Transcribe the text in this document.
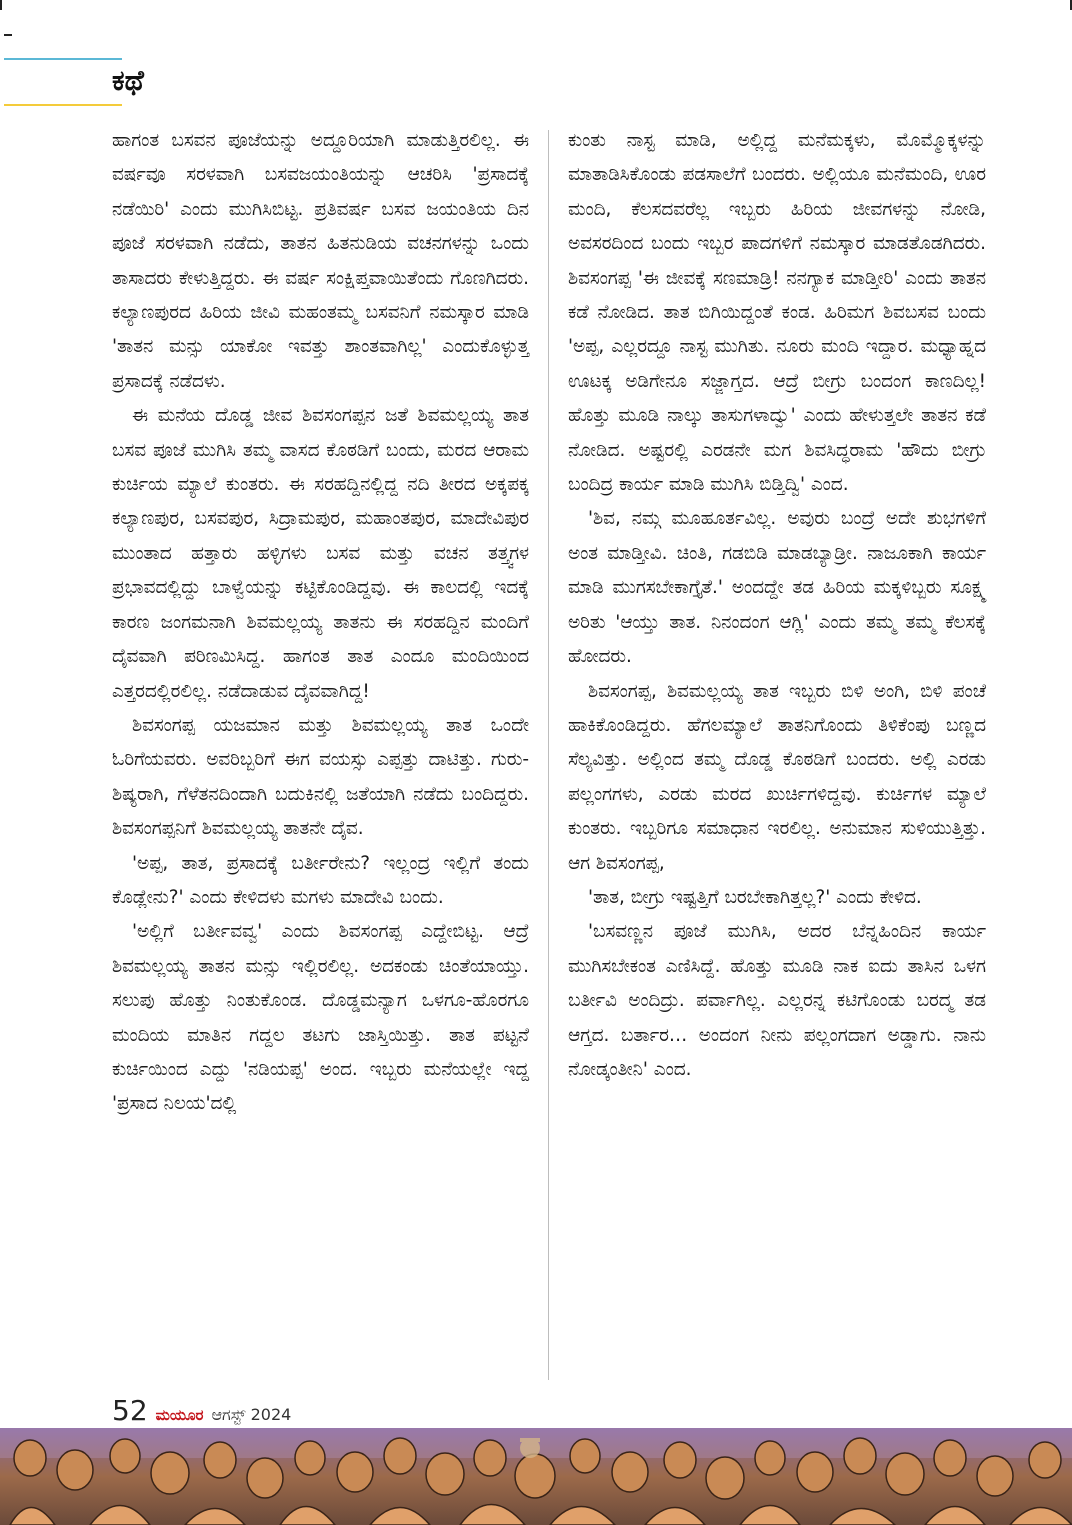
ಕಥೆ

ಹಾಗಂತ ಬಸವನ ಪೂಜೆಯನ್ನು ಅದ್ದೂರಿಯಾಗಿ ಮಾಡುತ್ತಿರಲಿಲ್ಲ. ಈ ವರ್ಷವೂ ಸರಳವಾಗಿ ಬಸವಜಯಂತಿಯನ್ನು ಆಚರಿಸಿ 'ಪ್ರಸಾದಕ್ಕೆ ನಡೆಯಿರಿ' ಎಂದು ಮುಗಿಸಿಬಿಟ್ಟ. ಪ್ರತಿವರ್ಷ ಬಸವ ಜಯಂತಿಯ ದಿನ ಪೂಜೆ ಸರಳವಾಗಿ ನಡೆದು, ತಾತನ ಹಿತನುಡಿಯ ವಚನಗಳನ್ನು ಒಂದು ತಾಸಾದರು ಕೇಳುತ್ತಿದ್ದರು. ಈ ವರ್ಷ ಸಂಕ್ಷಿಪ್ತವಾಯಿತೆಂದು ಗೊಣಗಿದರು. ಕಲ್ಯಾಣಪುರದ ಹಿರಿಯ ಜೀವಿ ಮಹಂತಮ್ಮ ಬಸವನಿಗೆ ನಮಸ್ಕಾರ ಮಾಡಿ 'ತಾತನ ಮನ್ಸು ಯಾಕೋ ಇವತ್ತು ಶಾಂತವಾಗಿಲ್ಲ' ಎಂದುಕೊಳ್ಳುತ್ತ ಪ್ರಸಾದಕ್ಕೆ ನಡೆದಳು.

ಈ ಮನೆಯ ದೊಡ್ಡ ಜೀವ ಶಿವಸಂಗಪ್ಪನ ಜತೆ ಶಿವಮಲ್ಲಯ್ಯ ತಾತ ಬಸವ ಪೂಜೆ ಮುಗಿಸಿ ತಮ್ಮ ವಾಸದ ಕೊಠಡಿಗೆ ಬಂದು, ಮರದ ಆರಾಮ ಕುರ್ಚಿಯ ಮ್ಯಾಲೆ ಕುಂತರು. ಈ ಸರಹದ್ದಿನಲ್ಲಿದ್ದ ನದಿ ತೀರದ ಅಕ್ಕಪಕ್ಕ ಕಲ್ಯಾಣಪುರ, ಬಸವಪುರ, ಸಿದ್ರಾಮಪುರ, ಮಹಾಂತಪುರ, ಮಾದೇವಿಪುರ ಮುಂತಾದ ಹತ್ತಾರು ಹಳ್ಳಿಗಳು ಬಸವ ಮತ್ತು ವಚನ ತತ್ತ್ವಗಳ ಪ್ರಭಾವದಲ್ಲಿದ್ದು ಬಾಳ್ವೆಯನ್ನು ಕಟ್ಟಿಕೊಂಡಿದ್ದವು. ಈ ಕಾಲದಲ್ಲಿ ಇದಕ್ಕೆ ಕಾರಣ ಜಂಗಮನಾಗಿ ಶಿವಮಲ್ಲಯ್ಯ ತಾತನು ಈ ಸರಹದ್ದಿನ ಮಂದಿಗೆ ದೈವವಾಗಿ ಪರಿಣಮಿಸಿದ್ದ. ಹಾಗಂತ ತಾತ ಎಂದೂ ಮಂದಿಯಿಂದ ಎತ್ತರದಲ್ಲಿರಲಿಲ್ಲ. ನಡೆದಾಡುವ ದೈವವಾಗಿದ್ದ!

ಶಿವಸಂಗಪ್ಪ ಯಜಮಾನ ಮತ್ತು ಶಿವಮಲ್ಲಯ್ಯ ತಾತ ಒಂದೇ ಓರಿಗೆಯವರು. ಅವರಿಬ್ಬರಿಗೆ ಈಗ ವಯಸ್ಸು ಎಪ್ಪತ್ತು ದಾಟಿತ್ತು. ಗುರು-ಶಿಷ್ಯರಾಗಿ, ಗೆಳೆತನದಿಂದಾಗಿ ಬದುಕಿನಲ್ಲಿ ಜತೆಯಾಗಿ ನಡೆದು ಬಂದಿದ್ದರು. ಶಿವಸಂಗಪ್ಪನಿಗೆ ಶಿವಮಲ್ಲಯ್ಯ ತಾತನೇ ದೈವ.

'ಅಪ್ಪ, ತಾತ, ಪ್ರಸಾದಕ್ಕೆ ಬರ್ತೀರೇನು? ಇಲ್ಲಂದ್ರ ಇಲ್ಲಿಗೆ ತಂದು ಕೊಡ್ಲೇನು?' ಎಂದು ಕೇಳಿದಳು ಮಗಳು ಮಾದೇವಿ ಬಂದು.

'ಅಲ್ಲಿಗೆ ಬರ್ತೀವವ್ವ' ಎಂದು ಶಿವಸಂಗಪ್ಪ ಎದ್ದೇಬಿಟ್ಟ. ಆದ್ರೆ ಶಿವಮಲ್ಲಯ್ಯ ತಾತನ ಮನ್ಸು ಇಲ್ಲಿರಲಿಲ್ಲ. ಅದಕಂಡು ಚಿಂತೆಯಾಯ್ತು. ಸಲುಪು ಹೊತ್ತು ನಿಂತುಕೊಂಡ. ದೊಡ್ಡಮನ್ಯಾಗ ಒಳಗೂ-ಹೊರಗೂ ಮಂದಿಯ ಮಾತಿನ ಗದ್ದಲ ತಟಗು ಜಾಸ್ತಿಯಿತ್ತು. ತಾತ ಪಟ್ಟನೆ ಕುರ್ಚಿಯಿಂದ ಎದ್ದು 'ನಡಿಯಪ್ಪ' ಅಂದ. ಇಬ್ಬರು ಮನೆಯಲ್ಲೇ ಇದ್ದ 'ಪ್ರಸಾದ ನಿಲಯ'ದಲ್ಲಿ

ಕುಂತು ನಾಸ್ಟ ಮಾಡಿ, ಅಲ್ಲಿದ್ದ ಮನೆಮಕ್ಕಳು, ಮೊಮ್ಮೊಕ್ಕಳನ್ನು ಮಾತಾಡಿಸಿಕೊಂಡು ಪಡಸಾಲೆಗೆ ಬಂದರು. ಅಲ್ಲಿಯೂ ಮನೆಮಂದಿ, ಊರ ಮಂದಿ, ಕೆಲಸದವರೆಲ್ಲ ಇಬ್ಬರು ಹಿರಿಯ ಜೀವಗಳನ್ನು ನೋಡಿ, ಅವಸರದಿಂದ ಬಂದು ಇಬ್ಬರ ಪಾದಗಳಿಗೆ ನಮಸ್ಕಾರ ಮಾಡತೊಡಗಿದರು. ಶಿವಸಂಗಪ್ಪ 'ಈ ಜೀವಕ್ಕೆ ಸಣಮಾಡ್ರಿ! ನನಗ್ಯಾಕ ಮಾಡ್ತೀರಿ' ಎಂದು ತಾತನ ಕಡೆ ನೋಡಿದ. ತಾತ ಬಿಗಿಯಿದ್ದಂತೆ ಕಂಡ. ಹಿರಿಮಗ ಶಿವಬಸವ ಬಂದು 'ಅಪ್ಪ, ಎಲ್ಲರದ್ದೂ ನಾಸ್ಟ ಮುಗಿತು. ನೂರು ಮಂದಿ ಇದ್ದಾರ. ಮಧ್ಯಾಹ್ನದ ಊಟಕ್ಕ ಅಡಿಗೇನೂ ಸಜ್ಜಾಗ್ತದ. ಆದ್ರೆ ಬೀಗ್ರು ಬಂದಂಗ ಕಾಣದಿಲ್ಲ! ಹೊತ್ತು ಮೂಡಿ ನಾಲ್ಕು ತಾಸುಗಳಾದ್ವು' ಎಂದು ಹೇಳುತ್ತಲೇ ತಾತನ ಕಡೆ ನೋಡಿದ. ಅಷ್ಟರಲ್ಲಿ ಎರಡನೇ ಮಗ ಶಿವಸಿದ್ಧರಾಮ 'ಹೌದು ಬೀಗ್ರು ಬಂದಿದ್ರ ಕಾರ್ಯ ಮಾಡಿ ಮುಗಿಸಿ ಬಿಡ್ತಿದ್ವಿ' ಎಂದ.

'ಶಿವ, ನಮ್ಗ ಮೂಹೂರ್ತವಿಲ್ಲ. ಅವುರು ಬಂದ್ರೆ ಅದೇ ಶುಭಗಳಿಗೆ ಅಂತ ಮಾಡ್ತೀವಿ. ಚಿಂತಿ, ಗಡಬಿಡಿ ಮಾಡಬ್ಯಾಡ್ರೀ. ನಾಜೂಕಾಗಿ ಕಾರ್ಯ ಮಾಡಿ ಮುಗಸಬೇಕಾಗ್ತೈತೆ.' ಅಂದದ್ದೇ ತಡ ಹಿರಿಯ ಮಕ್ಕಳಿಬ್ಬರು ಸೂಕ್ಷ್ಮ ಅರಿತು 'ಆಯ್ತು ತಾತ. ನಿನಂದಂಗ ಆಗ್ಲಿ' ಎಂದು ತಮ್ಮ ತಮ್ಮ ಕೆಲಸಕ್ಕೆ ಹೋದರು.

ಶಿವಸಂಗಪ್ಪ, ಶಿವಮಲ್ಲಯ್ಯ ತಾತ ಇಬ್ಬರು ಬಿಳಿ ಅಂಗಿ, ಬಿಳಿ ಪಂಚೆ ಹಾಕಿಕೊಂಡಿದ್ದರು. ಹೆಗಲಮ್ಯಾಲೆ ತಾತನಿಗೊಂದು ತಿಳಿಕೆಂಪು ಬಣ್ಣದ ಸೆಲ್ಯವಿತ್ತು. ಅಲ್ಲಿಂದ ತಮ್ಮ ದೊಡ್ಡ ಕೊಠಡಿಗೆ ಬಂದರು. ಅಲ್ಲಿ ಎರಡು ಪಲ್ಲಂಗಗಳು, ಎರಡು ಮರದ ಖುರ್ಚಿಗಳಿದ್ದವು. ಕುರ್ಚಿಗಳ ಮ್ಯಾಲೆ ಕುಂತರು. ಇಬ್ಬರಿಗೂ ಸಮಾಧಾನ ಇರಲಿಲ್ಲ. ಅನುಮಾನ ಸುಳಿಯುತ್ತಿತ್ತು. ಆಗ ಶಿವಸಂಗಪ್ಪ,

'ತಾತ, ಬೀಗ್ರು ಇಷ್ಟತ್ತಿಗೆ ಬರಬೇಕಾಗಿತ್ತಲ್ಲ?' ಎಂದು ಕೇಳಿದ.

'ಬಸವಣ್ಣನ ಪೂಜೆ ಮುಗಿಸಿ, ಅದರ ಬೆನ್ನಹಿಂದಿನ ಕಾರ್ಯ ಮುಗಿಸಬೇಕಂತ ಎಣಿಸಿದ್ದೆ. ಹೊತ್ತು ಮೂಡಿ ನಾಕ ಐದು ತಾಸಿನ ಒಳಗ ಬರ್ತೀವಿ ಅಂದಿದ್ರು. ಪರ್ವಾಗಿಲ್ಲ. ಎಲ್ಲರನ್ನ ಕಟಿಗೊಂಡು ಬರದ್ಮ ತಡ ಆಗ್ತದ. ಬರ್ತಾರ… ಅಂದಂಗ ನೀನು ಪಲ್ಲಂಗದಾಗ ಅಡ್ಡಾಗು. ನಾನು ನೋಡ್ಕಂತೀನಿ' ಎಂದ.

52 ಮಯೂರ ಆಗಸ್ಟ್ 2024
